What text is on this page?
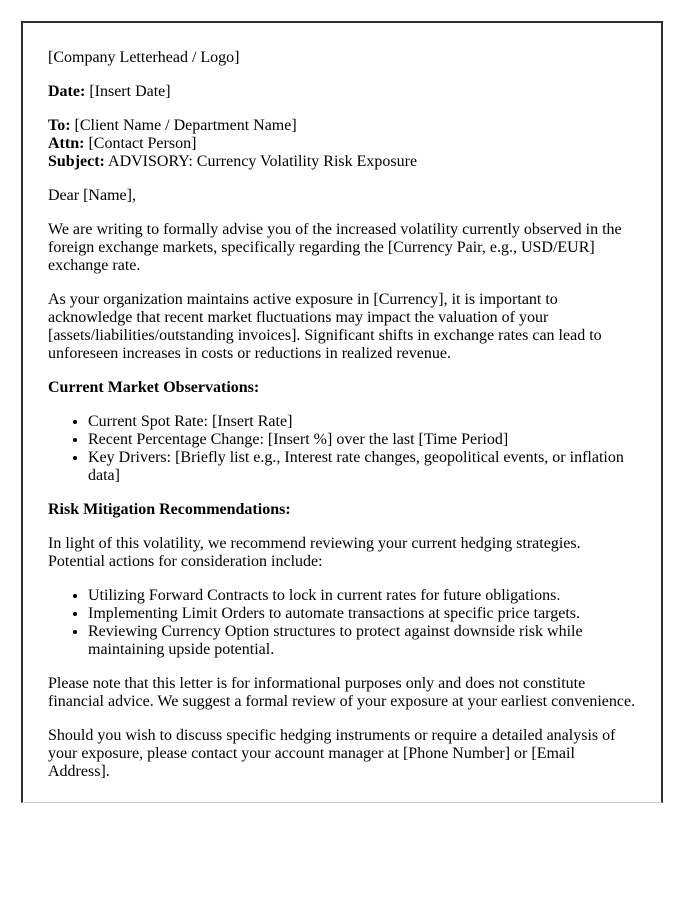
[Company Letterhead / Logo]

Date: [Insert Date]

To: [Client Name / Department Name]
Attn: [Contact Person]
Subject: ADVISORY: Currency Volatility Risk Exposure

Dear [Name],

We are writing to formally advise you of the increased volatility currently observed in the foreign exchange markets, specifically regarding the [Currency Pair, e.g., USD/EUR] exchange rate.

As your organization maintains active exposure in [Currency], it is important to acknowledge that recent market fluctuations may impact the valuation of your [assets/liabilities/outstanding invoices]. Significant shifts in exchange rates can lead to unforeseen increases in costs or reductions in realized revenue.

Current Market Observations:

• Current Spot Rate: [Insert Rate]
• Recent Percentage Change: [Insert %] over the last [Time Period]
• Key Drivers: [Briefly list e.g., Interest rate changes, geopolitical events, or inflation data]

Risk Mitigation Recommendations:

In light of this volatility, we recommend reviewing your current hedging strategies. Potential actions for consideration include:

• Utilizing Forward Contracts to lock in current rates for future obligations.
• Implementing Limit Orders to automate transactions at specific price targets.
• Reviewing Currency Option structures to protect against downside risk while maintaining upside potential.

Please note that this letter is for informational purposes only and does not constitute financial advice. We suggest a formal review of your exposure at your earliest convenience.

Should you wish to discuss specific hedging instruments or require a detailed analysis of your exposure, please contact your account manager at [Phone Number] or [Email Address].
